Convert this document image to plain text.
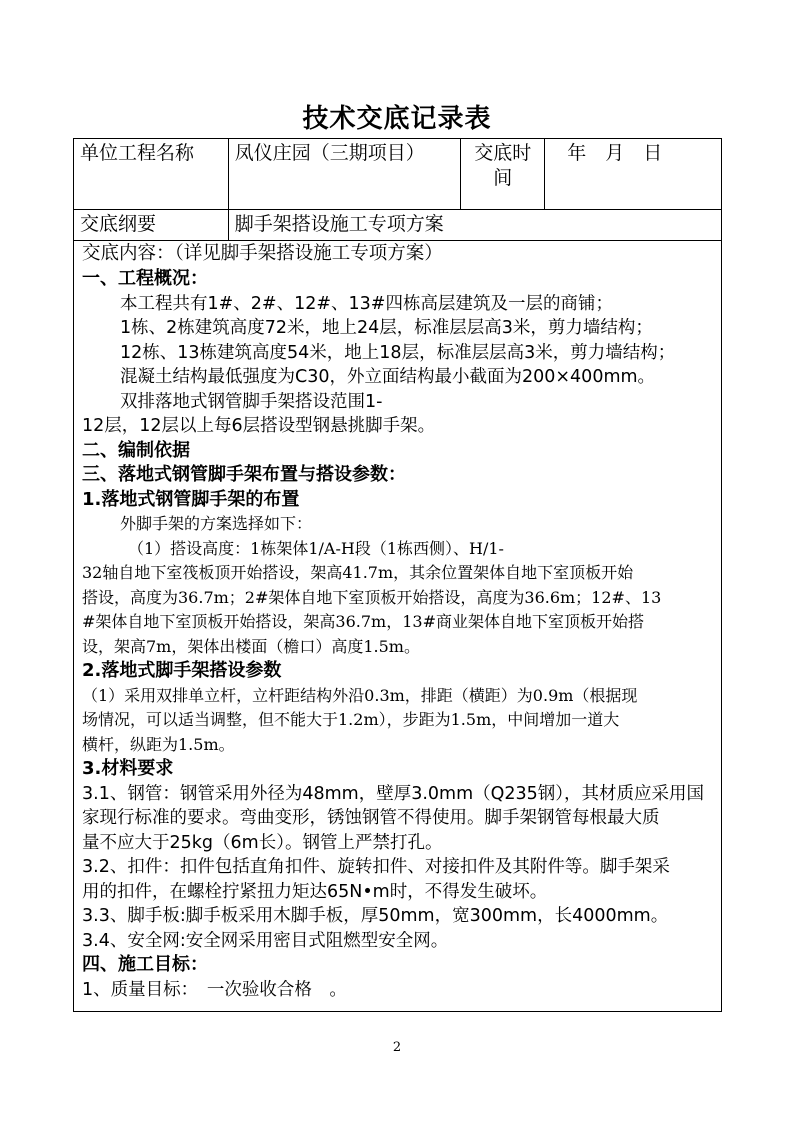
技术交底记录表
单位工程名称	凤仪庄园（三期项目）	交底时间	年　月　日
交底纲要	脚手架搭设施工专项方案		
交底内容：（详见脚手架搭设施工专项方案）
一、工程概况：
本工程共有1#、2#、12#、13#四栋高层建筑及一层的商铺；
1栋、2栋建筑高度72米，地上24层，标准层层高3米，剪力墙结构；
12栋、13栋建筑高度54米，地上18层，标准层层高3米，剪力墙结构；
混凝土结构最低强度为C30，外立面结构最小截面为200×400mm。
双排落地式钢管脚手架搭设范围1-
12层，12层以上每6层搭设型钢悬挑脚手架。
二、编制依据
三、落地式钢管脚手架布置与搭设参数：
1.落地式钢管脚手架的布置
外脚手架的方案选择如下：
（1）搭设高度：1栋架体1/A-H段（1栋西侧）、H/1-
32轴自地下室筏板顶开始搭设，架高41.7m，其余位置架体自地下室顶板开始
搭设，高度为36.7m；2#架体自地下室顶板开始搭设，高度为36.6m；12#、13
#架体自地下室顶板开始搭设，架高36.7m，13#商业架体自地下室顶板开始搭
设，架高7m，架体出楼面（檐口）高度1.5m。
2.落地式脚手架搭设参数
（1）采用双排单立杆，立杆距结构外沿0.3m，排距（横距）为0.9m（根据现
场情况，可以适当调整，但不能大于1.2m），步距为1.5m，中间增加一道大
横杆，纵距为1.5m。
3.材料要求
3.1、钢管：钢管采用外径为48mm，壁厚3.0mm（Q235钢），其材质应采用国
家现行标准的要求。弯曲变形，锈蚀钢管不得使用。脚手架钢管每根最大质
量不应大于25kg（6m长）。钢管上严禁打孔。
3.2、扣件：扣件包括直角扣件、旋转扣件、对接扣件及其附件等。脚手架采
用的扣件，在螺栓拧紧扭力矩达65N•m时，不得发生破坏。
3.3、脚手板:脚手板采用木脚手板，厚50mm，宽300mm，长4000mm。
3.4、安全网:安全网采用密目式阻燃型安全网。
四、施工目标：
1、质量目标：　一次验收合格　。
2
